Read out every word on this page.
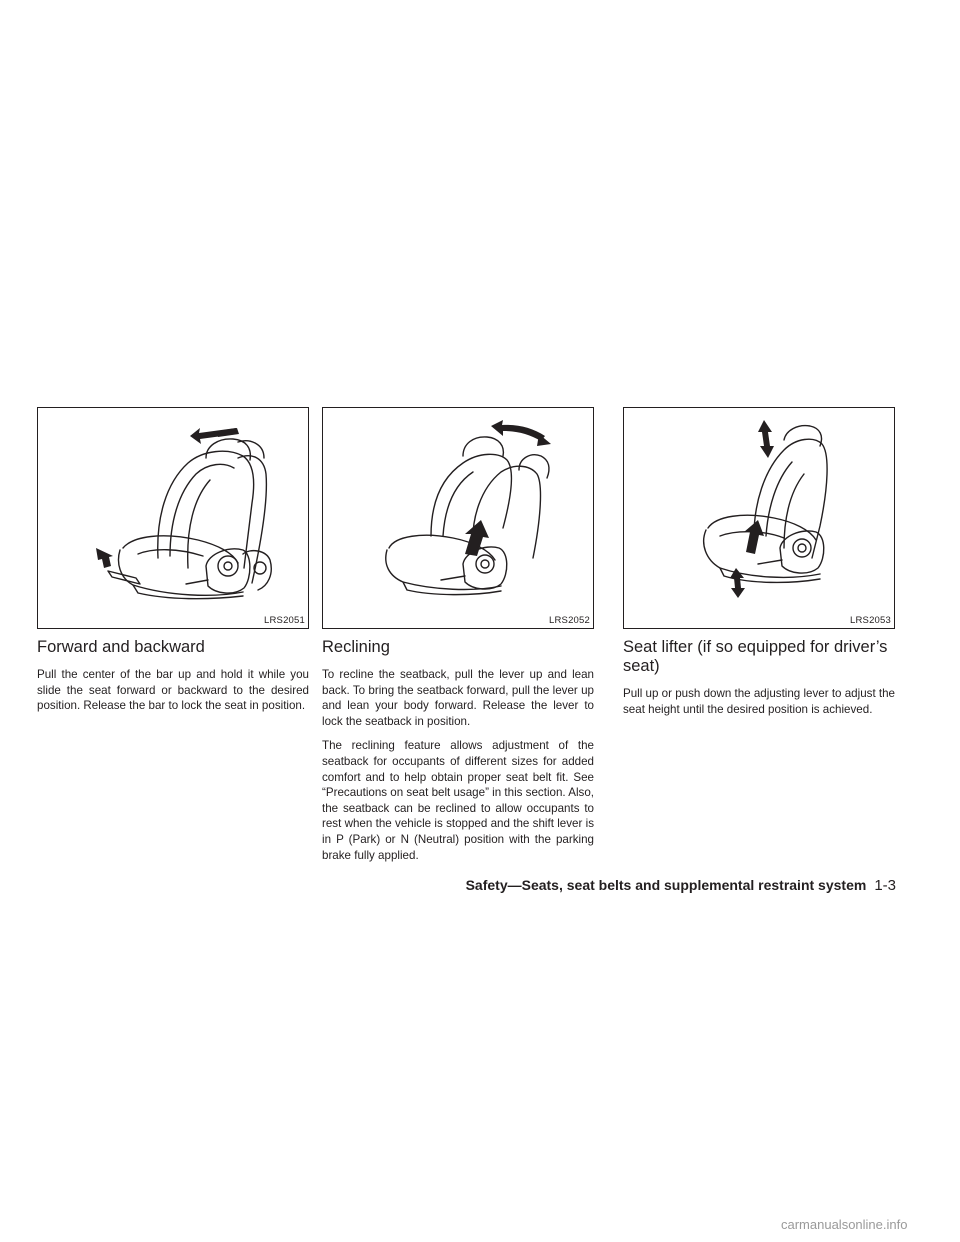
LRS2051
Forward and backward

Pull the center of the bar up and hold it while you slide the seat forward or backward to the desired position. Release the bar to lock the seat in position.

LRS2052
Reclining

To recline the seatback, pull the lever up and lean back. To bring the seatback forward, pull the lever up and lean your body forward. Release the lever to lock the seatback in position.

The reclining feature allows adjustment of the seatback for occupants of different sizes for added comfort and to help obtain proper seat belt fit. See “Precautions on seat belt usage” in this section. Also, the seatback can be reclined to allow occupants to rest when the vehicle is stopped and the shift lever is in P (Park) or N (Neutral) position with the parking brake fully applied.

LRS2053
Seat lifter (if so equipped for driver’s seat)

Pull up or push down the adjusting lever to adjust the seat height until the desired position is achieved.

Safety—Seats, seat belts and supplemental restraint system 1-3
carmanualsonline.info
